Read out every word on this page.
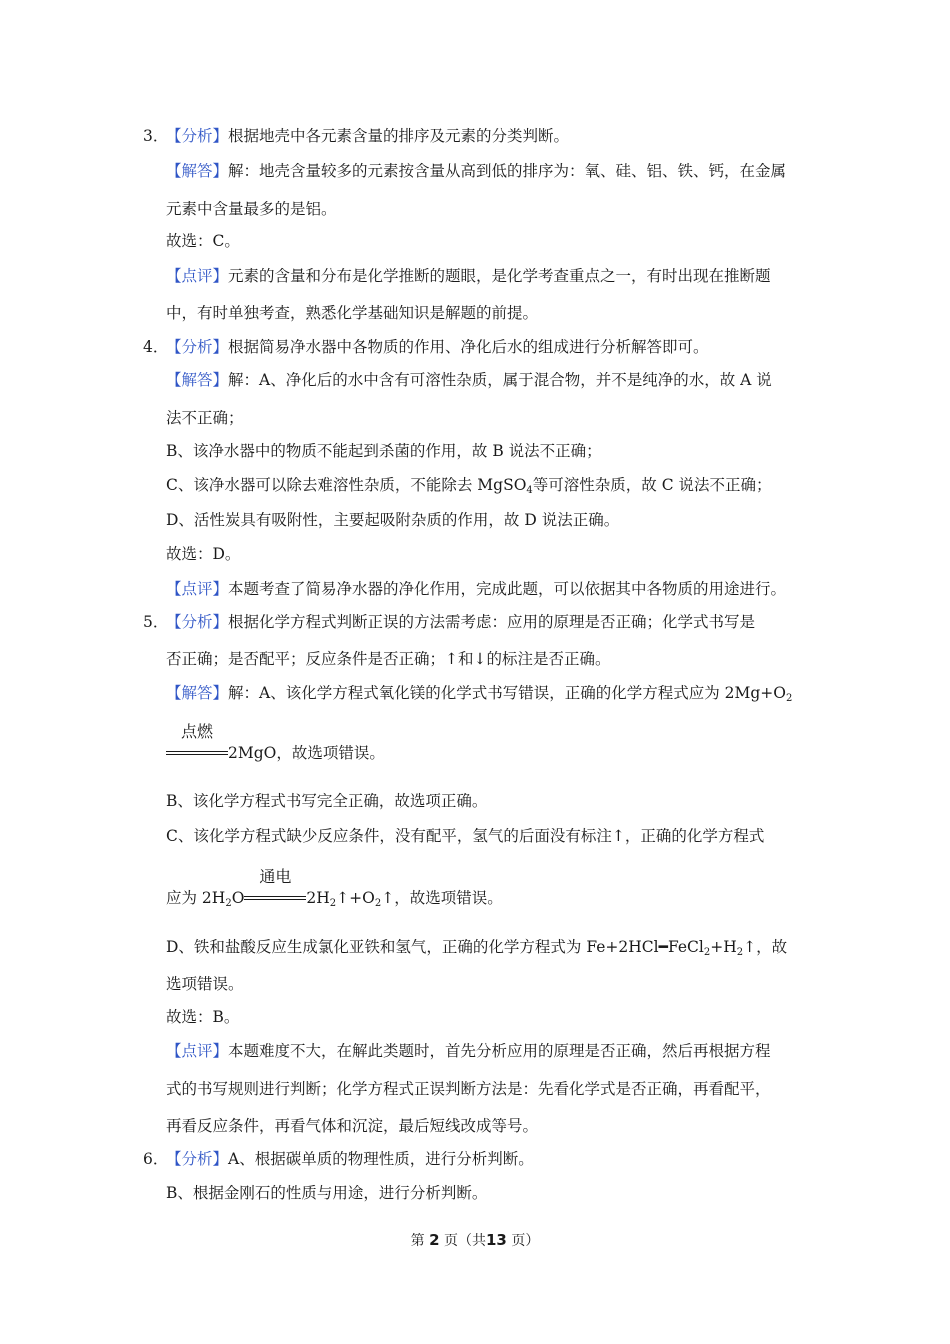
3．
【分析】根据地壳中各元素含量的排序及元素的分类判断。
【解答】解：地壳含量较多的元素按含量从高到低的排序为：氧、硅、铝、铁、钙，在金属
元素中含量最多的是铝。
故选：C。
【点评】元素的含量和分布是化学推断的题眼，是化学考查重点之一，有时出现在推断题
中，有时单独考查，熟悉化学基础知识是解题的前提。
4．
【分析】根据简易净水器中各物质的作用、净化后水的组成进行分析解答即可。
【解答】解：A、净化后的水中含有可溶性杂质，属于混合物，并不是纯净的水，故 A 说
法不正确；
B、该净水器中的物质不能起到杀菌的作用，故 B 说法不正确；
C、该净水器可以除去难溶性杂质，不能除去 MgSO$_4$等可溶性杂质，故 C 说法不正确；
D、活性炭具有吸附性，主要起吸附杂质的作用，故 D 说法正确。
故选：D。
【点评】本题考查了简易净水器的净化作用，完成此题，可以依据其中各物质的用途进行。
5．
【分析】根据化学方程式判断正误的方法需考虑：应用的原理是否正确；化学式书写是
否正确；是否配平；反应条件是否正确；↑和↓的标注是否正确。
【解答】解：A、该化学方程式氧化镁的化学式书写错误，正确的化学方程式应为 $2Mg+O_2$
点燃
2MgO，故选项错误。
B、该化学方程式书写完全正确，故选项正确。
C、该化学方程式缺少反应条件，没有配平，氢气的后面没有标注↑，正确的化学方程式
应为 $2H_2O$
通电
$2H_2↑+O_2↑$，故选项错误。
D、铁和盐酸反应生成氯化亚铁和氢气，正确的化学方程式为 $Fe+2HCl━FeCl_2+H_2↑$，故
选项错误。
故选：B。
【点评】本题难度不大，在解此类题时，首先分析应用的原理是否正确，然后再根据方程
式的书写规则进行判断；化学方程式正误判断方法是：先看化学式是否正确，再看配平，
再看反应条件，再看气体和沉淀，最后短线改成等号。
6．
【分析】A、根据碳单质的物理性质，进行分析判断。
B、根据金刚石的性质与用途，进行分析判断。
第 2 页（共13 页）
